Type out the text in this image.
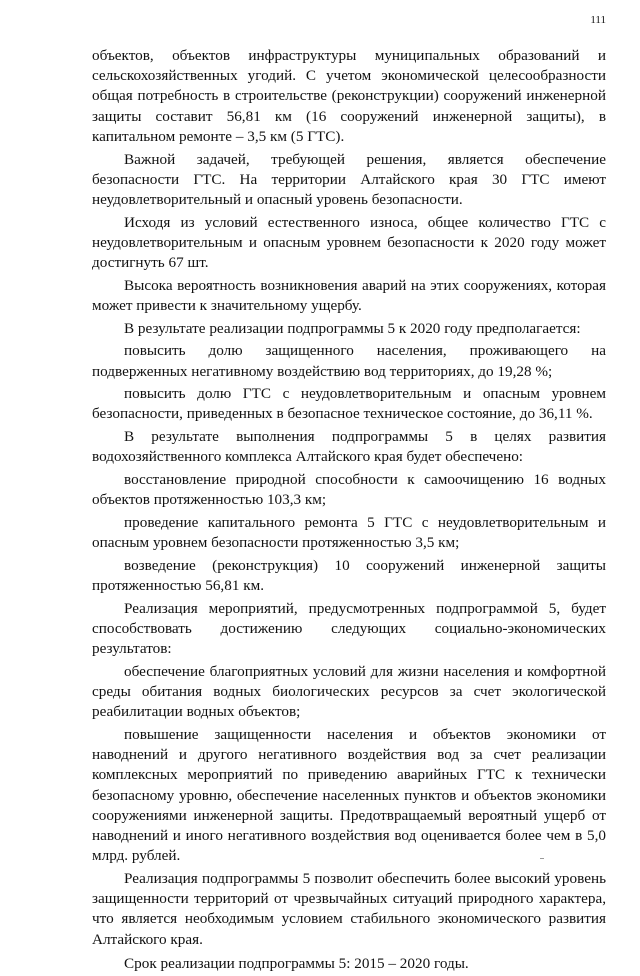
111

объектов, объектов инфраструктуры муниципальных образований и сельскохозяйственных угодий. С учетом экономической целесообразности общая потребность в строительстве (реконструкции) сооружений инженерной защиты составит 56,81 км (16 сооружений инженерной защиты), в капитальном ремонте – 3,5 км (5 ГТС).

Важной задачей, требующей решения, является обеспечение безопасности ГТС. На территории Алтайского края 30 ГТС имеют неудовлетворительный и опасный уровень безопасности.

Исходя из условий естественного износа, общее количество ГТС с неудовлетворительным и опасным уровнем безопасности к 2020 году может достигнуть 67 шт.

Высока вероятность возникновения аварий на этих сооружениях, которая может привести к значительному ущербу.

В результате реализации подпрограммы 5 к 2020 году предполагается:

повысить долю защищенного населения, проживающего на подверженных негативному воздействию вод территориях, до 19,28 %;

повысить долю ГТС с неудовлетворительным и опасным уровнем безопасности, приведенных в безопасное техническое состояние, до 36,11 %.

В результате выполнения подпрограммы 5 в целях развития водохозяйственного комплекса Алтайского края будет обеспечено:

восстановление природной способности к самоочищению 16 водных объектов протяженностью 103,3 км;

проведение капитального ремонта 5 ГТС с неудовлетворительным и опасным уровнем безопасности протяженностью 3,5 км;

возведение (реконструкция) 10 сооружений инженерной защиты протяженностью 56,81 км.

Реализация мероприятий, предусмотренных подпрограммой 5, будет способствовать достижению следующих социально-экономических результатов:

обеспечение благоприятных условий для жизни населения и комфортной среды обитания водных биологических ресурсов за счет экологической реабилитации водных объектов;

повышение защищенности населения и объектов экономики от наводнений и другого негативного воздействия вод за счет реализации комплексных мероприятий по приведению аварийных ГТС к технически безопасному уровню, обеспечение населенных пунктов и объектов экономики сооружениями инженерной защиты. Предотвращаемый вероятный ущерб от наводнений и иного негативного воздействия вод оценивается более чем в 5,0 млрд. рублей.

Реализация подпрограммы 5 позволит обеспечить более высокий уровень защищенности территорий от чрезвычайных ситуаций природного характера, что является необходимым условием стабильного экономического развития Алтайского края.

Срок реализации подпрограммы 5: 2015 – 2020 годы.
